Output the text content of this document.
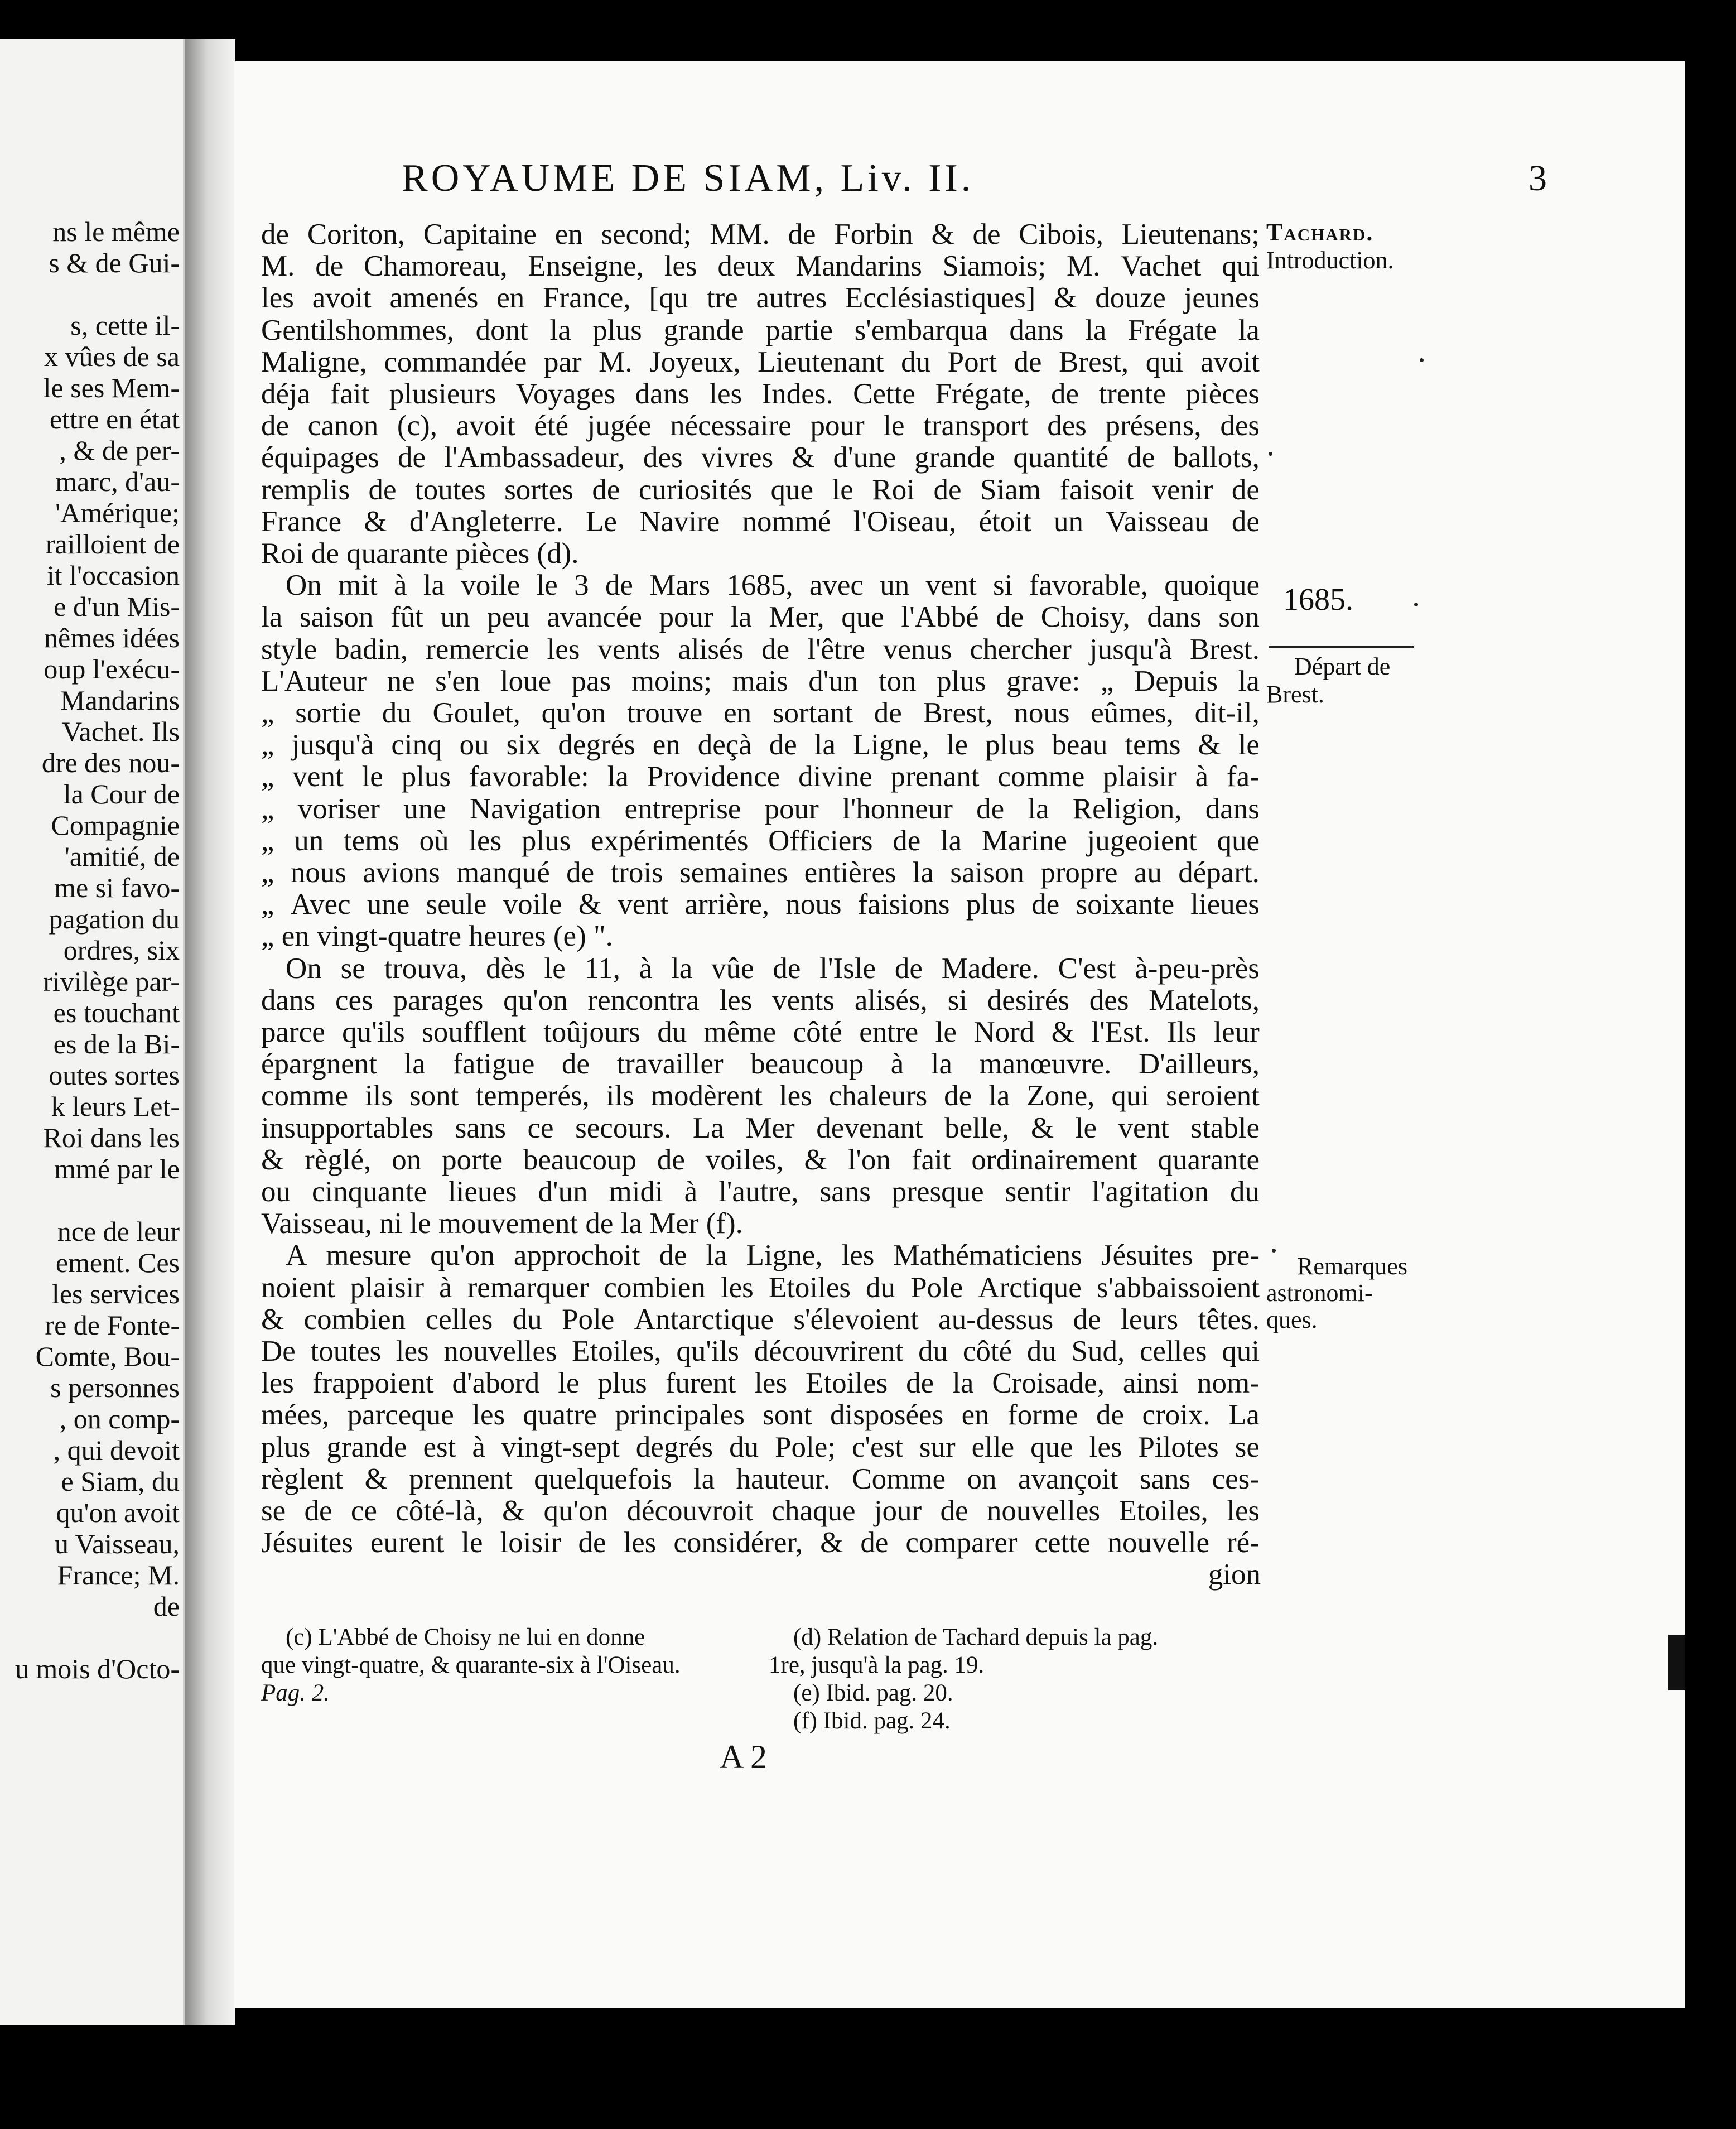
ns le même
s & de Gui-
s, cette il-
x vûes de sa
le ses Mem-
ettre en état
, & de per-
marc, d'au-
'Amérique;
railloient de
it l'occasion
e d'un Mis-
nêmes idées
oup l'exécu-
Mandarins
Vachet. Ils
dre des nou-
la Cour de
Compagnie
'amitié, de
me si favo-
pagation du
ordres, six
rivilège par-
es touchant
es de la Bi-
outes sortes
k leurs Let-
Roi dans les
mmé par le
nce de leur
ement. Ces
les services
re de Fonte-
Comte, Bou-
s personnes
, on comp-
, qui devoit
e Siam, du
qu'on avoit
u Vaisseau,
France; M.
de
u mois d'Octo-
ROYAUME DE SIAM, Liv. II.	3
de Coriton, Capitaine en second; MM. de Forbin & de Cibois, Lieutenans;
M. de Chamoreau, Enseigne, les deux Mandarins Siamois; M. Vachet qui
les avoit amenés en France, [qu tre autres Ecclésiastiques] & douze jeunes
Gentilshommes, dont la plus grande partie s'embarqua dans la Frégate la
Maligne, commandée par M. Joyeux, Lieutenant du Port de Brest, qui avoit
déja fait plusieurs Voyages dans les Indes. Cette Frégate, de trente pièces
de canon (c), avoit été jugée nécessaire pour le transport des présens, des
équipages de l'Ambassadeur, des vivres & d'une grande quantité de ballots,
remplis de toutes sortes de curiosités que le Roi de Siam faisoit venir de
France & d'Angleterre. Le Navire nommé l'Oiseau, étoit un Vaisseau de
Roi de quarante pièces (d).
On mit à la voile le 3 de Mars 1685, avec un vent si favorable, quoique
la saison fût un peu avancée pour la Mer, que l'Abbé de Choisy, dans son
style badin, remercie les vents alisés de l'être venus chercher jusqu'à Brest.
L'Auteur ne s'en loue pas moins; mais d'un ton plus grave: „ Depuis la
„ sortie du Goulet, qu'on trouve en sortant de Brest, nous eûmes, dit-il,
„ jusqu'à cinq ou six degrés en deçà de la Ligne, le plus beau tems & le
„ vent le plus favorable: la Providence divine prenant comme plaisir à fa-
„ voriser une Navigation entreprise pour l'honneur de la Religion, dans
„ un tems où les plus expérimentés Officiers de la Marine jugeoient que
„ nous avions manqué de trois semaines entières la saison propre au départ.
„ Avec une seule voile & vent arrière, nous faisions plus de soixante lieues
„ en vingt-quatre heures (e) ".
On se trouva, dès le 11, à la vûe de l'Isle de Madere. C'est à-peu-près
dans ces parages qu'on rencontra les vents alisés, si desirés des Matelots,
parce qu'ils soufflent toûjours du même côté entre le Nord & l'Est. Ils leur
épargnent la fatigue de travailler beaucoup à la manœuvre. D'ailleurs,
comme ils sont temperés, ils modèrent les chaleurs de la Zone, qui seroient
insupportables sans ce secours. La Mer devenant belle, & le vent stable
& règlé, on porte beaucoup de voiles, & l'on fait ordinairement quarante
ou cinquante lieues d'un midi à l'autre, sans presque sentir l'agitation du
Vaisseau, ni le mouvement de la Mer (f).
A mesure qu'on approchoit de la Ligne, les Mathématiciens Jésuites pre-
noient plaisir à remarquer combien les Etoiles du Pole Arctique s'abbaissoient
& combien celles du Pole Antarctique s'élevoient au-dessus de leurs têtes.
De toutes les nouvelles Etoiles, qu'ils découvrirent du côté du Sud, celles qui
les frappoient d'abord le plus furent les Etoiles de la Croisade, ainsi nom-
mées, parceque les quatre principales sont disposées en forme de croix. La
plus grande est à vingt-sept degrés du Pole; c'est sur elle que les Pilotes se
règlent & prennent quelquefois la hauteur. Comme on avançoit sans ces-
se de ce côté-là, & qu'on découvroit chaque jour de nouvelles Etoiles, les
Jésuites eurent le loisir de les considérer, & de comparer cette nouvelle ré-
gion
Tachard.
Introduction.
1685.
Départ de
Brest.
Remarques
astronomi-
ques.
(c) L'Abbé de Choisy ne lui en donne
que vingt-quatre, & quarante-six à l'Oiseau.
Pag. 2.
(d) Relation de Tachard depuis la pag.
1re, jusqu'à la pag. 19.
(e) Ibid. pag. 20.
(f) Ibid. pag. 24.
A 2
